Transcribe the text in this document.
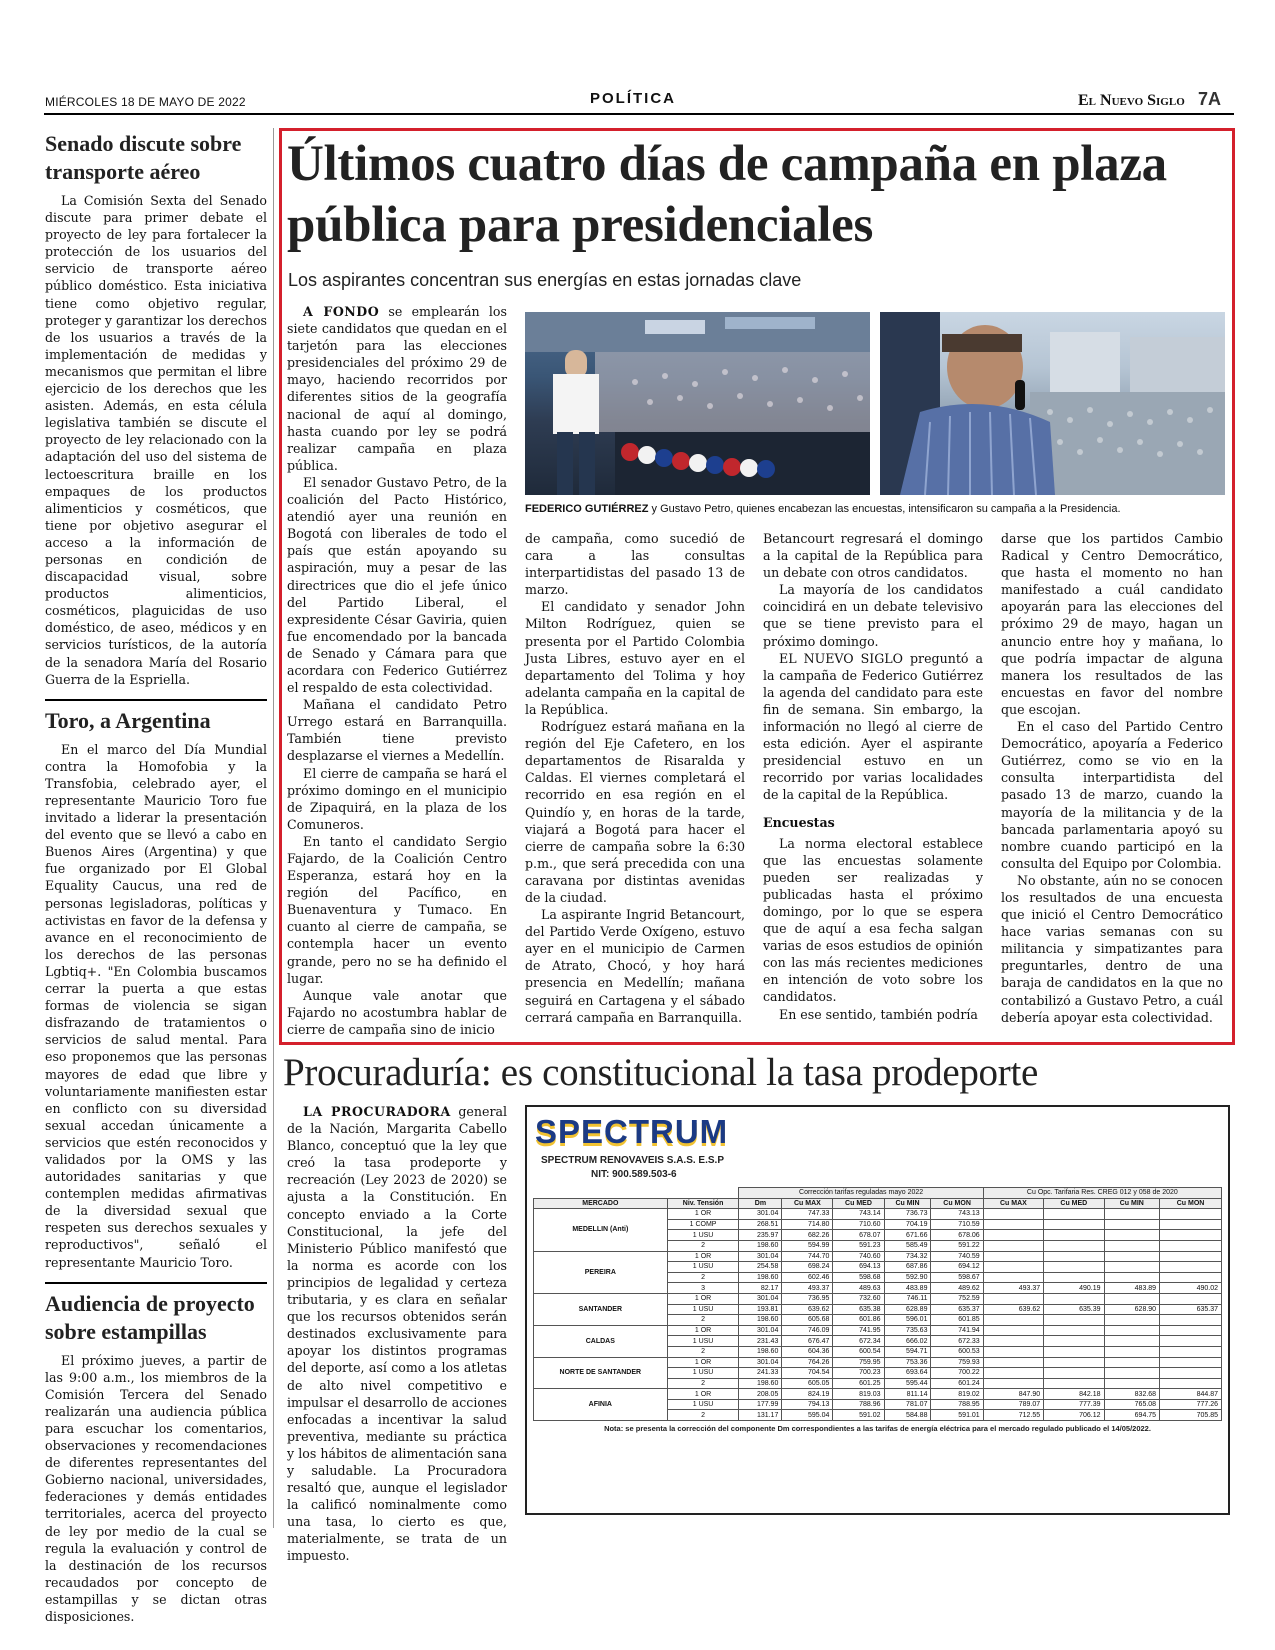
MIÉRCOLES 18 DE MAYO DE 2022	POLÍTICA	El Nuevo Siglo 7A
Senado discute sobre transporte aéreo

La Comisión Sexta del Senado discute para primer debate el proyecto de ley para fortalecer la protección de los usuarios del servicio de transporte aéreo público doméstico. Esta iniciativa tiene como objetivo regular, proteger y garantizar los derechos de los usuarios a través de la implementación de medidas y mecanismos que permitan el libre ejercicio de los derechos que les asisten. Además, en esta célula legislativa también se discute el proyecto de ley relacionado con la adaptación del uso del sistema de lectoescritura braille en los empaques de los productos alimenticios y cosméticos, que tiene por objetivo asegurar el acceso a la información de personas en condición de discapacidad visual, sobre productos alimenticios, cosméticos, plaguicidas de uso doméstico, de aseo, médicos y en servicios turísticos, de la autoría de la senadora María del Rosario Guerra de la Espriella.

Toro, a Argentina

En el marco del Día Mundial contra la Homofobia y la Transfobia, celebrado ayer, el representante Mauricio Toro fue invitado a liderar la presentación del evento que se llevó a cabo en Buenos Aires (Argentina) y que fue organizado por El Global Equality Caucus, una red de personas legisladoras, políticas y activistas en favor de la defensa y avance en el reconocimiento de los derechos de las personas Lgbtiq+. "En Colombia buscamos cerrar la puerta a que estas formas de violencia se sigan disfrazando de tratamientos o servicios de salud mental. Para eso proponemos que las personas mayores de edad que libre y voluntariamente manifiesten estar en conflicto con su diversidad sexual accedan únicamente a servicios que estén reconocidos y validados por la OMS y las autoridades sanitarias y que contemplen medidas afirmativas de la diversidad sexual que respeten sus derechos sexuales y reproductivos", señaló el representante Mauricio Toro.

Audiencia de proyecto sobre estampillas

El próximo jueves, a partir de las 9:00 a.m., los miembros de la Comisión Tercera del Senado realizarán una audiencia pública para escuchar los comentarios, observaciones y recomendaciones de diferentes representantes del Gobierno nacional, universidades, federaciones y demás entidades territoriales, acerca del proyecto de ley por medio de la cual se regula la evaluación y control de la destinación de los recursos recaudados por concepto de estampillas y se dictan otras disposiciones.

Últimos cuatro días de campaña en plaza pública para presidenciales
Los aspirantes concentran sus energías en estas jornadas clave
FEDERICO GUTIÉRREZ y Gustavo Petro, quienes encabezan las encuestas, intensificaron su campaña a la Presidencia.

A FONDO se emplearán los siete candidatos que quedan en el tarjetón para las elecciones presidenciales del próximo 29 de mayo, haciendo recorridos por diferentes sitios de la geografía nacional de aquí al domingo, hasta cuando por ley se podrá realizar campaña en plaza pública.

El senador Gustavo Petro, de la coalición del Pacto Histórico, atendió ayer una reunión en Bogotá con liberales de todo el país que están apoyando su aspiración, muy a pesar de las directrices que dio el jefe único del Partido Liberal, el expresidente César Gaviria, quien fue encomendado por la bancada de Senado y Cámara para que acordara con Federico Gutiérrez el respaldo de esta colectividad.

Mañana el candidato Petro Urrego estará en Barranquilla. También tiene previsto desplazarse el viernes a Medellín.

El cierre de campaña se hará el próximo domingo en el municipio de Zipaquirá, en la plaza de los Comuneros.

En tanto el candidato Sergio Fajardo, de la Coalición Centro Esperanza, estará hoy en la región del Pacífico, en Buenaventura y Tumaco. En cuanto al cierre de campaña, se contempla hacer un evento grande, pero no se ha definido el lugar.

Aunque vale anotar que Fajardo no acostumbra hablar de cierre de campaña sino de inicio

de campaña, como sucedió de cara a las consultas interpartidistas del pasado 13 de marzo.

El candidato y senador John Milton Rodríguez, quien se presenta por el Partido Colombia Justa Libres, estuvo ayer en el departamento del Tolima y hoy adelanta campaña en la capital de la República.

Rodríguez estará mañana en la región del Eje Cafetero, en los departamentos de Risaralda y Caldas. El viernes completará el recorrido en esa región en el Quindío y, en horas de la tarde, viajará a Bogotá para hacer el cierre de campaña sobre la 6:30 p.m., que será precedida con una caravana por distintas avenidas de la ciudad.

La aspirante Ingrid Betancourt, del Partido Verde Oxígeno, estuvo ayer en el municipio de Carmen de Atrato, Chocó, y hoy hará presencia en Medellín; mañana seguirá en Cartagena y el sábado cerrará campaña en Barranquilla.

Betancourt regresará el domingo a la capital de la República para un debate con otros candidatos.

La mayoría de los candidatos coincidirá en un debate televisivo que se tiene previsto para el próximo domingo.

EL NUEVO SIGLO preguntó a la campaña de Federico Gutiérrez la agenda del candidato para este fin de semana. Sin embargo, la información no llegó al cierre de esta edición. Ayer el aspirante presidencial estuvo en un recorrido por varias localidades de la capital de la República.

Encuestas

La norma electoral establece que las encuestas solamente pueden ser realizadas y publicadas hasta el próximo domingo, por lo que se espera que de aquí a esa fecha salgan varias de esos estudios de opinión con las más recientes mediciones en intención de voto sobre los candidatos.

En ese sentido, también podría

darse que los partidos Cambio Radical y Centro Democrático, que hasta el momento no han manifestado a cuál candidato apoyarán para las elecciones del próximo 29 de mayo, hagan un anuncio entre hoy y mañana, lo que podría impactar de alguna manera los resultados de las encuestas en favor del nombre que escojan.

En el caso del Partido Centro Democrático, apoyaría a Federico Gutiérrez, como se vio en la consulta interpartidista del pasado 13 de marzo, cuando la mayoría de la militancia y de la bancada parlamentaria apoyó su nombre cuando participó en la consulta del Equipo por Colombia.

No obstante, aún no se conocen los resultados de una encuesta que inició el Centro Democrático hace varias semanas con su militancia y simpatizantes para preguntarles, dentro de una baraja de candidatos en la que no contabilizó a Gustavo Petro, a cuál debería apoyar esta colectividad.

Procuraduría: es constitucional la tasa prodeporte

LA PROCURADORA general de la Nación, Margarita Cabello Blanco, conceptuó que la ley que creó la tasa prodeporte y recreación (Ley 2023 de 2020) se ajusta a la Constitución. En concepto enviado a la Corte Constitucional, la jefe del Ministerio Público manifestó que la norma es acorde con los principios de legalidad y certeza tributaria, y es clara en señalar que los recursos obtenidos serán destinados exclusivamente para apoyar los distintos programas del deporte, así como a los atletas de alto nivel competitivo e impulsar el desarrollo de acciones enfocadas a incentivar la salud preventiva, mediante su práctica y los hábitos de alimentación sana y saludable. La Procuradora resaltó que, aunque el legislador la calificó nominalmente como una tasa, lo cierto es que, materialmente, se trata de un impuesto.

SPECTRUM
SPECTRUM RENOVAVEIS S.A.S. E.S.P
NIT: 900.589.503-6
		Corrección tarifas reguladas mayo 2022					Cu Opc. Tarifaria Res. CREG 012 y 058 de 2020			
MERCADO	Niv. Tensión	Dm	Cu MAX	Cu MED	Cu MIN	Cu MON	Cu MAX	Cu MED	Cu MIN	Cu MON
MEDELLIN (Anti)	1 OR	301.04	747.33	743.14	736.73	743.13				
	1 COMP	268.51	714.80	710.60	704.19	710.59				
	1 USU	235.97	682.26	678.07	671.66	678.06				
	2	198.60	594.99	591.23	585.49	591.22				
PEREIRA	1 OR	301.04	744.70	740.60	734.32	740.59				
	1 USU	254.58	698.24	694.13	687.86	694.12				
	2	198.60	602.46	598.68	592.90	598.67				
	3	82.17	493.37	489.63	483.89	489.62	493.37	490.19	483.89	490.02
SANTANDER	1 OR	301.04	736.95	732.60	746.11	752.59				
	1 USU	193.81	639.62	635.38	628.89	635.37	639.62	635.39	628.90	635.37
	2	198.60	605.68	601.86	596.01	601.85				
CALDAS	1 OR	301.04	746.09	741.95	735.63	741.94				
	1 USU	231.43	676.47	672.34	666.02	672.33				
	2	198.60	604.36	600.54	594.71	600.53				
NORTE DE SANTANDER	1 OR	301.04	764.26	759.95	753.36	759.93				
	1 USU	241.33	704.54	700.23	693.64	700.22				
	2	198.60	605.05	601.25	595.44	601.24				
AFINIA	1 OR	208.05	824.19	819.03	811.14	819.02	847.90	842.18	832.68	844.87
	1 USU	177.99	794.13	788.96	781.07	788.95	789.07	777.39	765.08	777.26
	2	131.17	595.04	591.02	584.88	591.01	712.55	706.12	694.75	705.85
Nota: se presenta la corrección del componente Dm correspondientes a las tarifas de energía eléctrica para el mercado regulado publicado el 14/05/2022.
